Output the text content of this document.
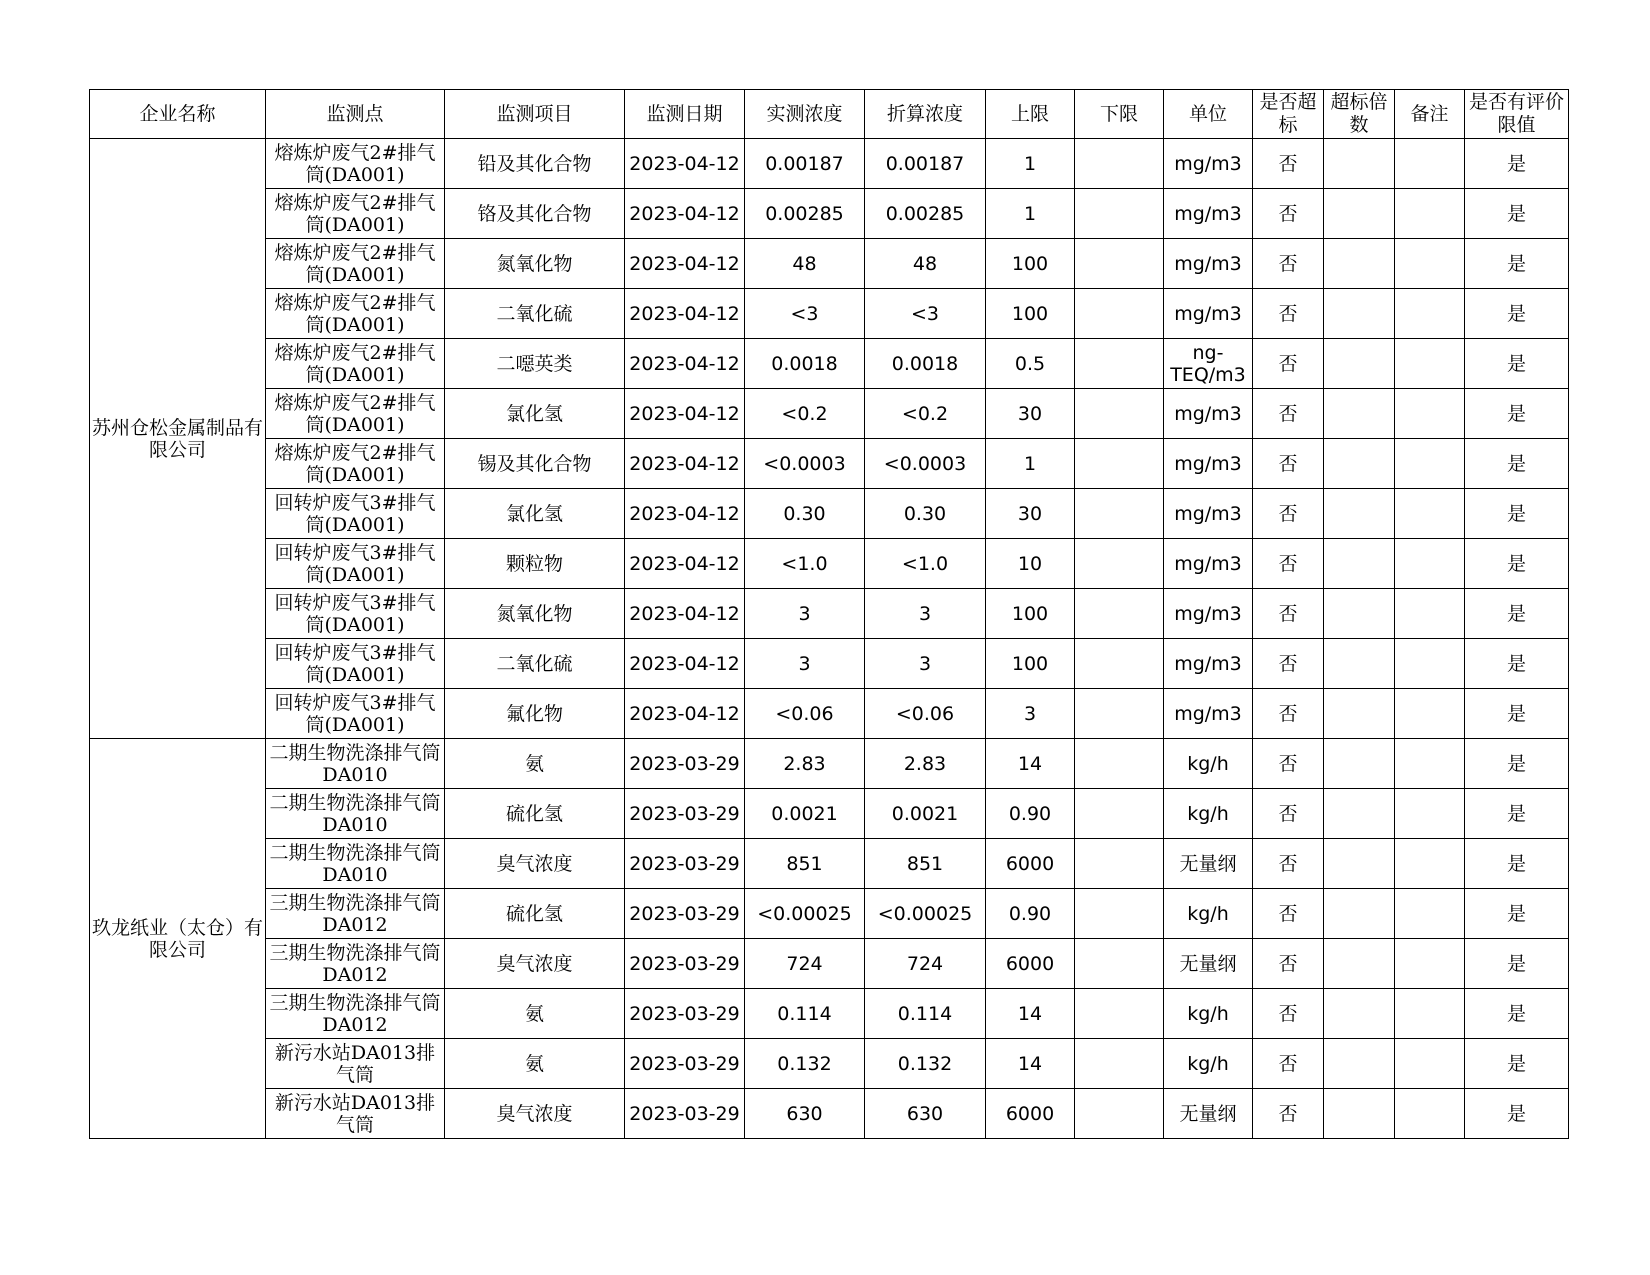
企业名称	监测点	监测项目	监测日期	实测浓度	折算浓度	上限	下限	单位	是否超标	超标倍数	备注	是否有评价限值
苏州仓松金属制品有限公司	熔炼炉废气2#排气筒(DA001)	铅及其化合物	2023-04-12	0.00187	0.00187	1		mg/m3	否			是
	熔炼炉废气2#排气筒(DA001)	铬及其化合物	2023-04-12	0.00285	0.00285	1		mg/m3	否			是
	熔炼炉废气2#排气筒(DA001)	氮氧化物	2023-04-12	48	48	100		mg/m3	否			是
	熔炼炉废气2#排气筒(DA001)	二氧化硫	2023-04-12	<3	<3	100		mg/m3	否			是
	熔炼炉废气2#排气筒(DA001)	二噁英类	2023-04-12	0.0018	0.0018	0.5		ng-TEQ/m3	否			是
	熔炼炉废气2#排气筒(DA001)	氯化氢	2023-04-12	<0.2	<0.2	30		mg/m3	否			是
	熔炼炉废气2#排气筒(DA001)	锡及其化合物	2023-04-12	<0.0003	<0.0003	1		mg/m3	否			是
	回转炉废气3#排气筒(DA001)	氯化氢	2023-04-12	0.30	0.30	30		mg/m3	否			是
	回转炉废气3#排气筒(DA001)	颗粒物	2023-04-12	<1.0	<1.0	10		mg/m3	否			是
	回转炉废气3#排气筒(DA001)	氮氧化物	2023-04-12	3	3	100		mg/m3	否			是
	回转炉废气3#排气筒(DA001)	二氧化硫	2023-04-12	3	3	100		mg/m3	否			是
	回转炉废气3#排气筒(DA001)	氟化物	2023-04-12	<0.06	<0.06	3		mg/m3	否			是
玖龙纸业（太仓）有限公司	二期生物洗涤排气筒DA010	氨	2023-03-29	2.83	2.83	14		kg/h	否			是
	二期生物洗涤排气筒DA010	硫化氢	2023-03-29	0.0021	0.0021	0.90		kg/h	否			是
	二期生物洗涤排气筒DA010	臭气浓度	2023-03-29	851	851	6000		无量纲	否			是
	三期生物洗涤排气筒DA012	硫化氢	2023-03-29	<0.00025	<0.00025	0.90		kg/h	否			是
	三期生物洗涤排气筒DA012	臭气浓度	2023-03-29	724	724	6000		无量纲	否			是
	三期生物洗涤排气筒DA012	氨	2023-03-29	0.114	0.114	14		kg/h	否			是
	新污水站DA013排气筒	氨	2023-03-29	0.132	0.132	14		kg/h	否			是
	新污水站DA013排气筒	臭气浓度	2023-03-29	630	630	6000		无量纲	否			是
